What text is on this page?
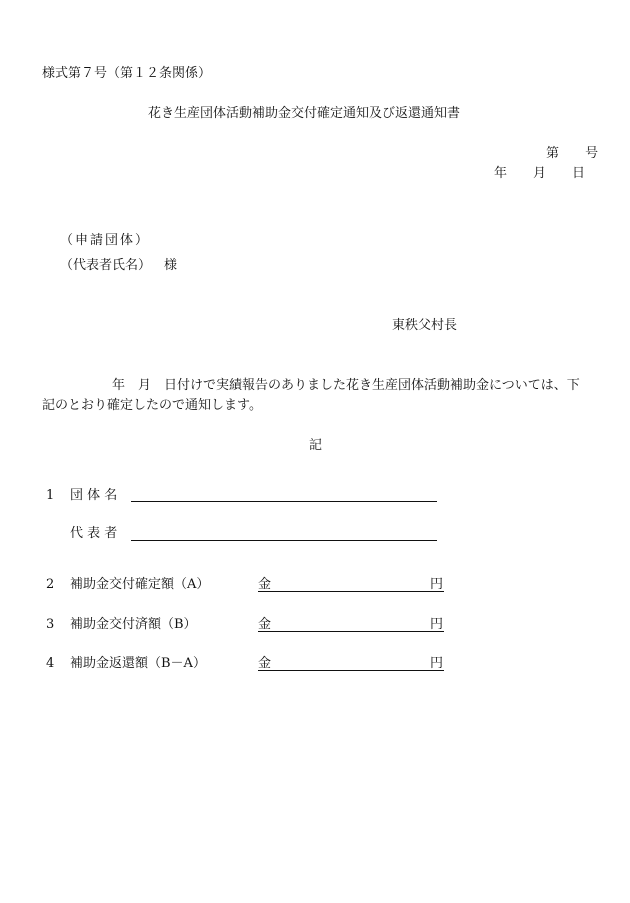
様式第７号（第１２条関係）
花き生産団体活動補助金交付確定通知及び返還通知書
第　 号
年　　月　　日
（申請団体）
（代表者氏名） 様
東秩父村長
年　月　日付けで実績報告のありました花き生産団体活動補助金については、下
記のとおり確定したので通知します。
記
1 団 体 名
代 表 者
2 補助金交付確定額（A）	金	円
3 補助金交付済額（B）	金	円
4 補助金返還額（B－A）	金	円
